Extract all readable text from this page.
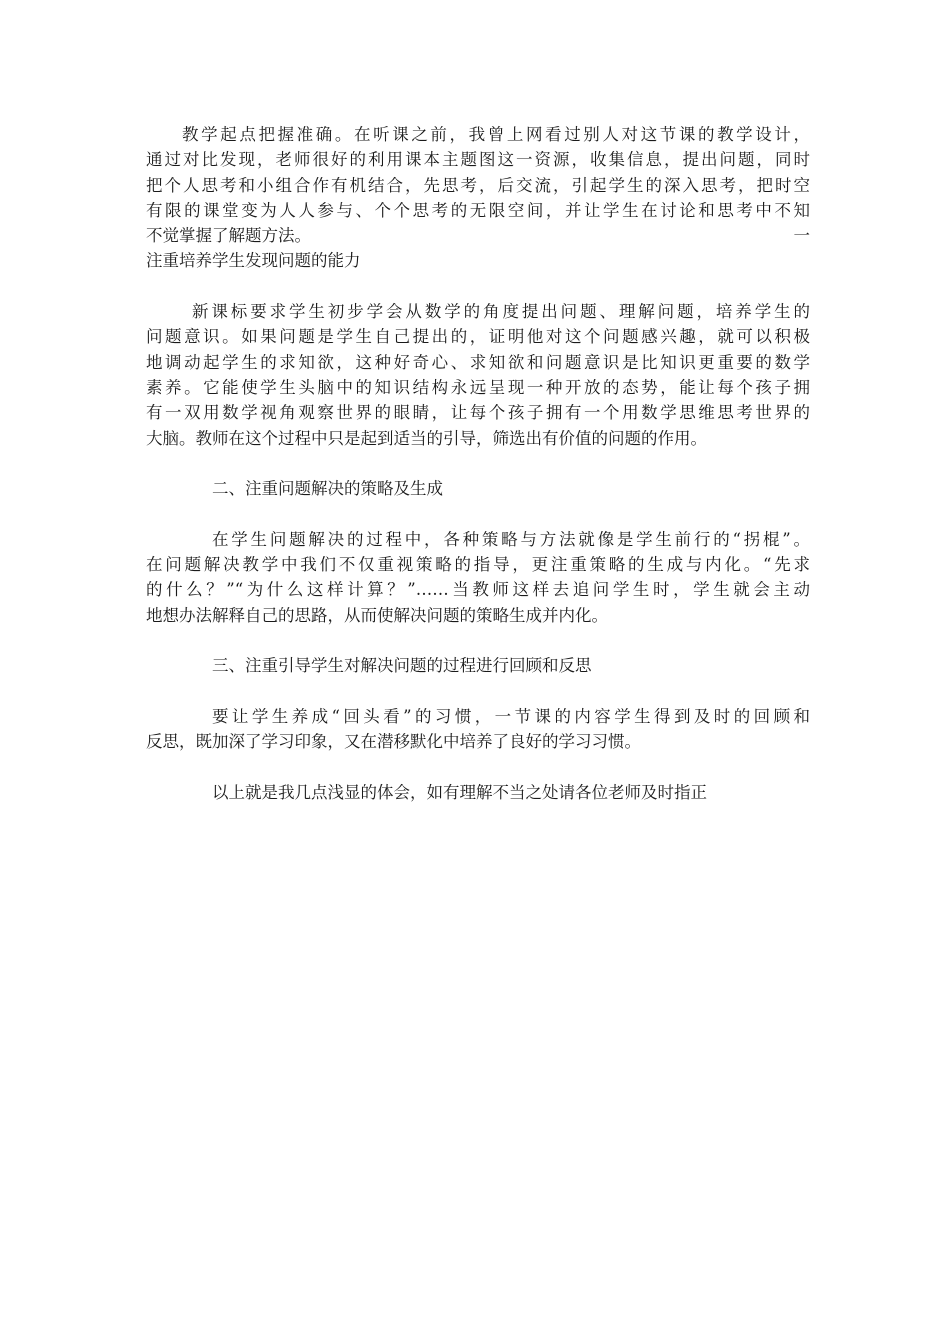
教学起点把握准确。在听课之前，我曾上网看过别人对这节课的教学设计，
通过对比发现，老师很好的利用课本主题图这一资源，收集信息，提出问题，同时
把个人思考和小组合作有机结合，先思考，后交流，引起学生的深入思考，把时空
有限的课堂变为人人参与、个个思考的无限空间，并让学生在讨论和思考中不知
不觉掌握了解题方法。	一
注重培养学生发现问题的能力
新课标要求学生初步学会从数学的角度提出问题、理解问题，培养学生的
问题意识。如果问题是学生自己提出的，证明他对这个问题感兴趣，就可以积极
地调动起学生的求知欲，这种好奇心、求知欲和问题意识是比知识更重要的数学
素养。它能使学生头脑中的知识结构永远呈现一种开放的态势，能让每个孩子拥
有一双用数学视角观察世界的眼睛，让每个孩子拥有一个用数学思维思考世界的
大脑。教师在这个过程中只是起到适当的引导，筛选出有价值的问题的作用。
二、注重问题解决的策略及生成
在学生问题解决的过程中，各种策略与方法就像是学生前行的“拐棍”。
在问题解决教学中我们不仅重视策略的指导，更注重策略的生成与内化。“先求
的什么？”“为什么这样计算？”……当教师这样去追问学生时，学生就会主动
地想办法解释自己的思路，从而使解决问题的策略生成并内化。
三、注重引导学生对解决问题的过程进行回顾和反思
要让学生养成“回头看”的习惯，一节课的内容学生得到及时的回顾和
反思，既加深了学习印象，又在潜移默化中培养了良好的学习习惯。
以上就是我几点浅显的体会，如有理解不当之处请各位老师及时指正
